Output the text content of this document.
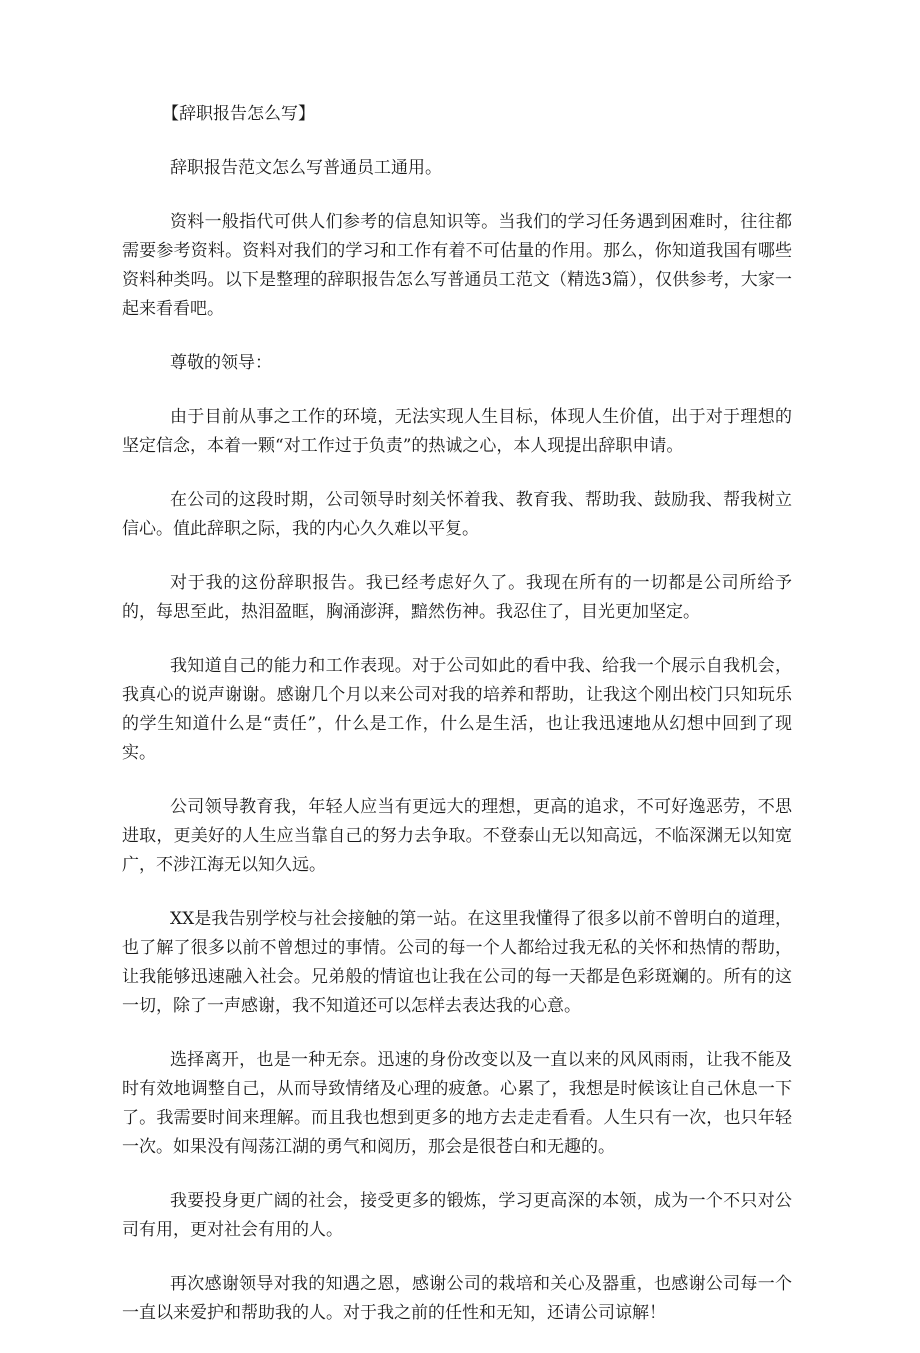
【辞职报告怎么写】

辞职报告范文怎么写普通员工通用。

资料一般指代可供人们参考的信息知识等。当我们的学习任务遇到困难时，往往都需要参考资料。资料对我们的学习和工作有着不可估量的作用。那么，你知道我国有哪些资料种类吗。以下是整理的辞职报告怎么写普通员工范文（精选3篇），仅供参考，大家一起来看看吧。

尊敬的领导：

由于目前从事之工作的环境，无法实现人生目标，体现人生价值，出于对于理想的坚定信念，本着一颗“对工作过于负责”的热诚之心，本人现提出辞职申请。

在公司的这段时期，公司领导时刻关怀着我、教育我、帮助我、鼓励我、帮我树立信心。值此辞职之际，我的内心久久难以平复。

对于我的这份辞职报告。我已经考虑好久了。我现在所有的一切都是公司所给予的，每思至此，热泪盈眶，胸涌澎湃，黯然伤神。我忍住了，目光更加坚定。

我知道自己的能力和工作表现。对于公司如此的看中我、给我一个展示自我机会，我真心的说声谢谢。感谢几个月以来公司对我的培养和帮助，让我这个刚出校门只知玩乐的学生知道什么是“责任”，什么是工作，什么是生活，也让我迅速地从幻想中回到了现实。

公司领导教育我，年轻人应当有更远大的理想，更高的追求，不可好逸恶劳，不思进取，更美好的人生应当靠自己的努力去争取。不登泰山无以知高远，不临深渊无以知宽广，不涉江海无以知久远。

XX是我告别学校与社会接触的第一站。在这里我懂得了很多以前不曾明白的道理，也了解了很多以前不曾想过的事情。公司的每一个人都给过我无私的关怀和热情的帮助，让我能够迅速融入社会。兄弟般的情谊也让我在公司的每一天都是色彩斑斓的。所有的这一切，除了一声感谢，我不知道还可以怎样去表达我的心意。

选择离开，也是一种无奈。迅速的身份改变以及一直以来的风风雨雨，让我不能及时有效地调整自己，从而导致情绪及心理的疲惫。心累了，我想是时候该让自己休息一下了。我需要时间来理解。而且我也想到更多的地方去走走看看。人生只有一次，也只年轻一次。如果没有闯荡江湖的勇气和阅历，那会是很苍白和无趣的。

我要投身更广阔的社会，接受更多的锻炼，学习更高深的本领，成为一个不只对公司有用，更对社会有用的人。

再次感谢领导对我的知遇之恩，感谢公司的栽培和关心及器重，也感谢公司每一个一直以来爱护和帮助我的人。对于我之前的任性和无知，还请公司谅解！
